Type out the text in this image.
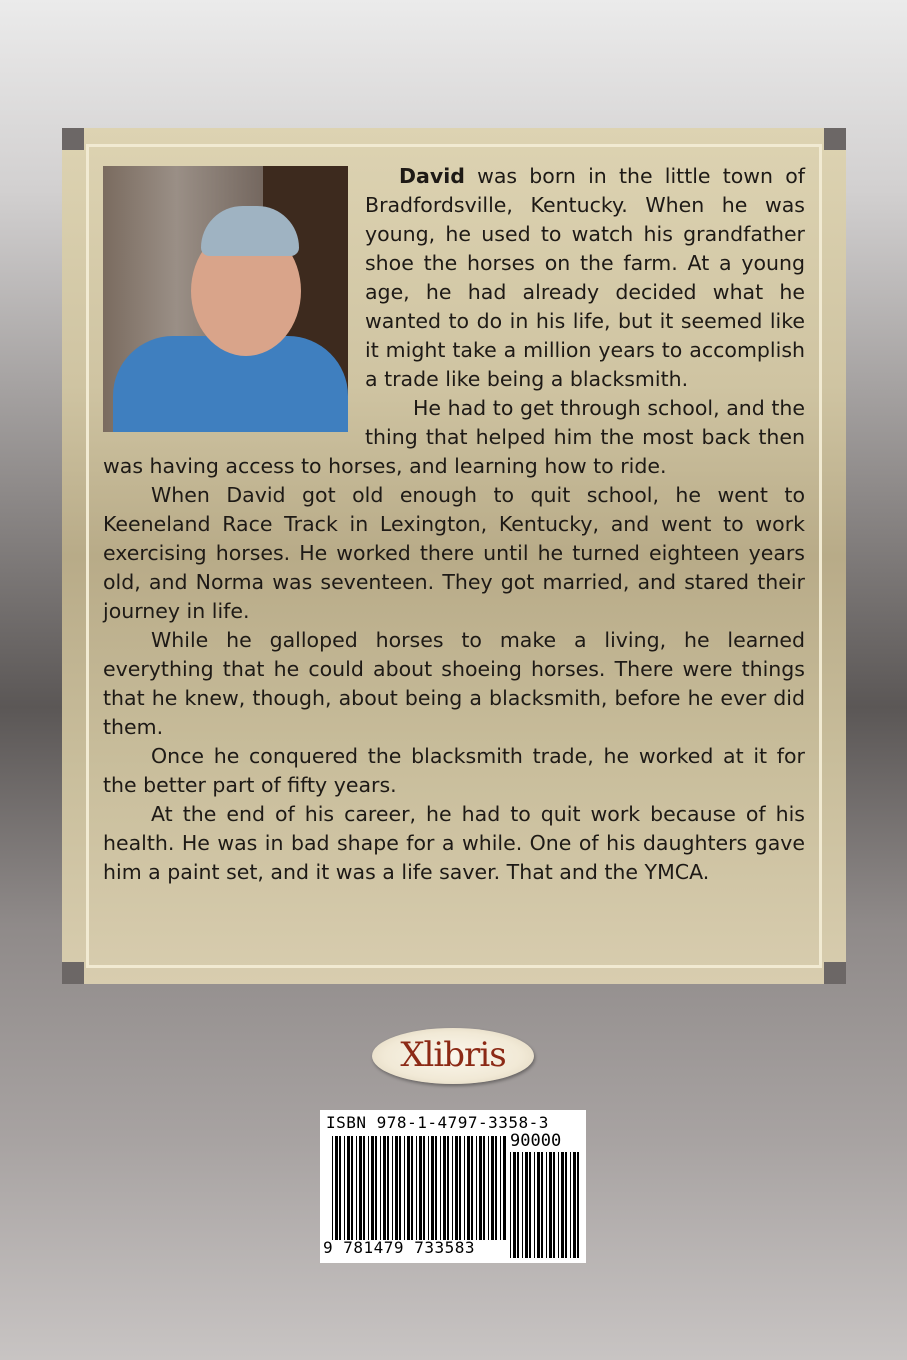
David was born in the little town of Bradfordsville, Kentucky. When he was young, he used to watch his grandfather shoe the horses on the farm. At a young age, he had already decided what he wanted to do in his life, but it seemed like it might take a million years to accomplish a trade like being a blacksmith.

He had to get through school, and the thing that helped him the most back then was having access to horses, and learning how to ride.

When David got old enough to quit school, he went to Keeneland Race Track in Lexington, Kentucky, and went to work exercising horses. He worked there until he turned eighteen years old, and Norma was seventeen. They got married, and stared their journey in life.

While he galloped horses to make a living, he learned everything that he could about shoeing horses. There were things that he knew, though, about being a blacksmith, before he ever did them.

Once he conquered the blacksmith trade, he worked at it for the better part of fifty years.

At the end of his career, he had to quit work because of his health. He was in bad shape for a while. One of his daughters gave him a paint set, and it was a life saver. That and the YMCA.

Xlibris
ISBN 978-1-4797-3358-3
90000
9 781479 733583
